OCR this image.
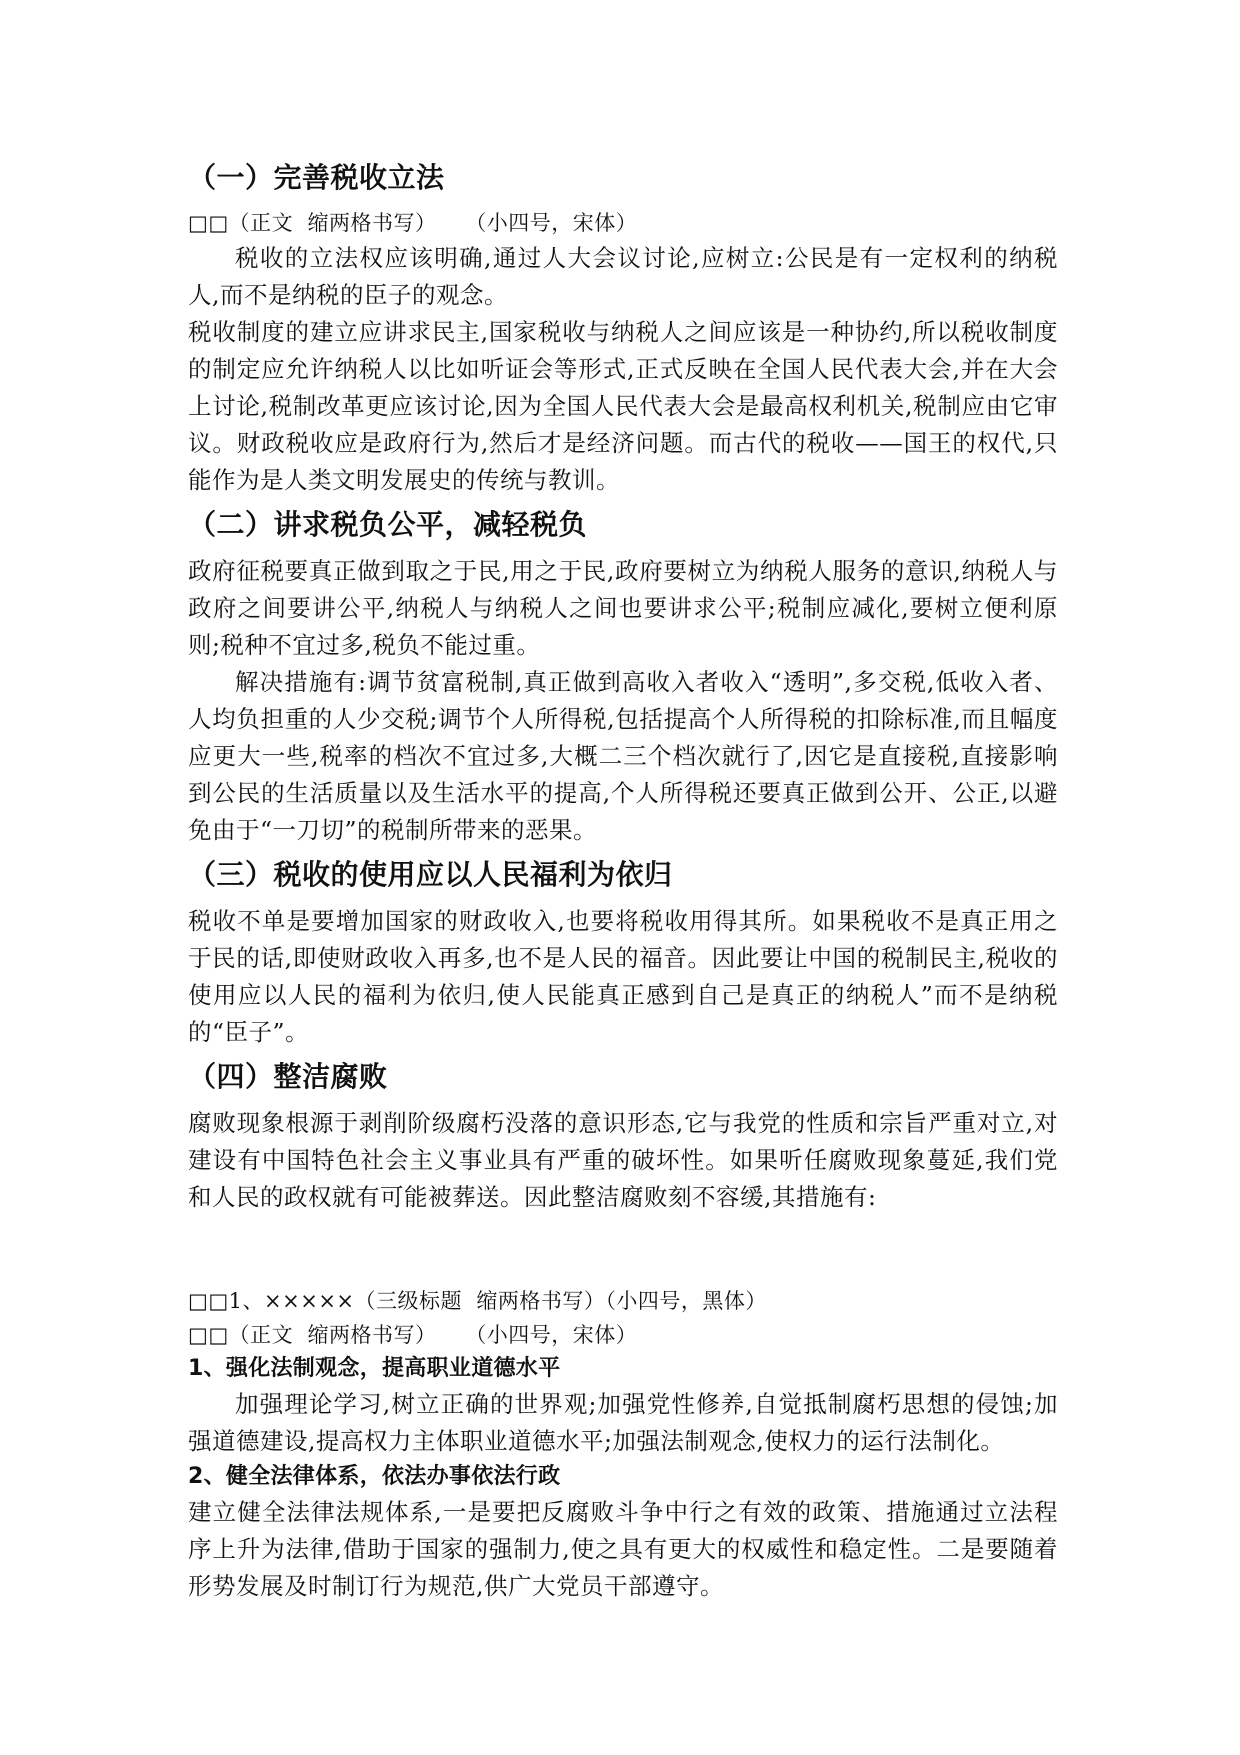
（一）完善税收立法

□□（正文  缩两格书写）    （小四号，宋体）

税收的立法权应该明确,通过人大会议讨论,应树立:公民是有一定权利的纳税人,而不是纳税的臣子的观念。

税收制度的建立应讲求民主,国家税收与纳税人之间应该是一种协约,所以税收制度的制定应允许纳税人以比如听证会等形式,正式反映在全国人民代表大会,并在大会上讨论,税制改革更应该讨论,因为全国人民代表大会是最高权利机关,税制应由它审议。财政税收应是政府行为,然后才是经济问题。而古代的税收——国王的权代,只能作为是人类文明发展史的传统与教训。

（二）讲求税负公平，减轻税负

政府征税要真正做到取之于民,用之于民,政府要树立为纳税人服务的意识,纳税人与政府之间要讲公平,纳税人与纳税人之间也要讲求公平;税制应减化,要树立便利原则;税种不宜过多,税负不能过重。

解决措施有:调节贫富税制,真正做到高收入者收入“透明”,多交税,低收入者、人均负担重的人少交税;调节个人所得税,包括提高个人所得税的扣除标准,而且幅度应更大一些,税率的档次不宜过多,大概二三个档次就行了,因它是直接税,直接影响到公民的生活质量以及生活水平的提高,个人所得税还要真正做到公开、公正,以避免由于“一刀切”的税制所带来的恶果。

（三）税收的使用应以人民福利为依归

税收不单是要增加国家的财政收入,也要将税收用得其所。如果税收不是真正用之于民的话,即使财政收入再多,也不是人民的福音。因此要让中国的税制民主,税收的使用应以人民的福利为依归,使人民能真正感到自己是真正的纳税人”而不是纳税的“臣子”。

（四）整洁腐败

腐败现象根源于剥削阶级腐朽没落的意识形态,它与我党的性质和宗旨严重对立,对建设有中国特色社会主义事业具有严重的破坏性。如果听任腐败现象蔓延,我们党和人民的政权就有可能被葬送。因此整洁腐败刻不容缓,其措施有:

□□1、×××××（三级标题  缩两格书写）（小四号，黑体）

□□（正文  缩两格书写）    （小四号，宋体）

1、强化法制观念，提高职业道德水平

加强理论学习,树立正确的世界观;加强党性修养,自觉抵制腐朽思想的侵蚀;加强道德建设,提高权力主体职业道德水平;加强法制观念,使权力的运行法制化。

2、健全法律体系，依法办事依法行政

建立健全法律法规体系,一是要把反腐败斗争中行之有效的政策、措施通过立法程序上升为法律,借助于国家的强制力,使之具有更大的权威性和稳定性。二是要随着形势发展及时制订行为规范,供广大党员干部遵守。
